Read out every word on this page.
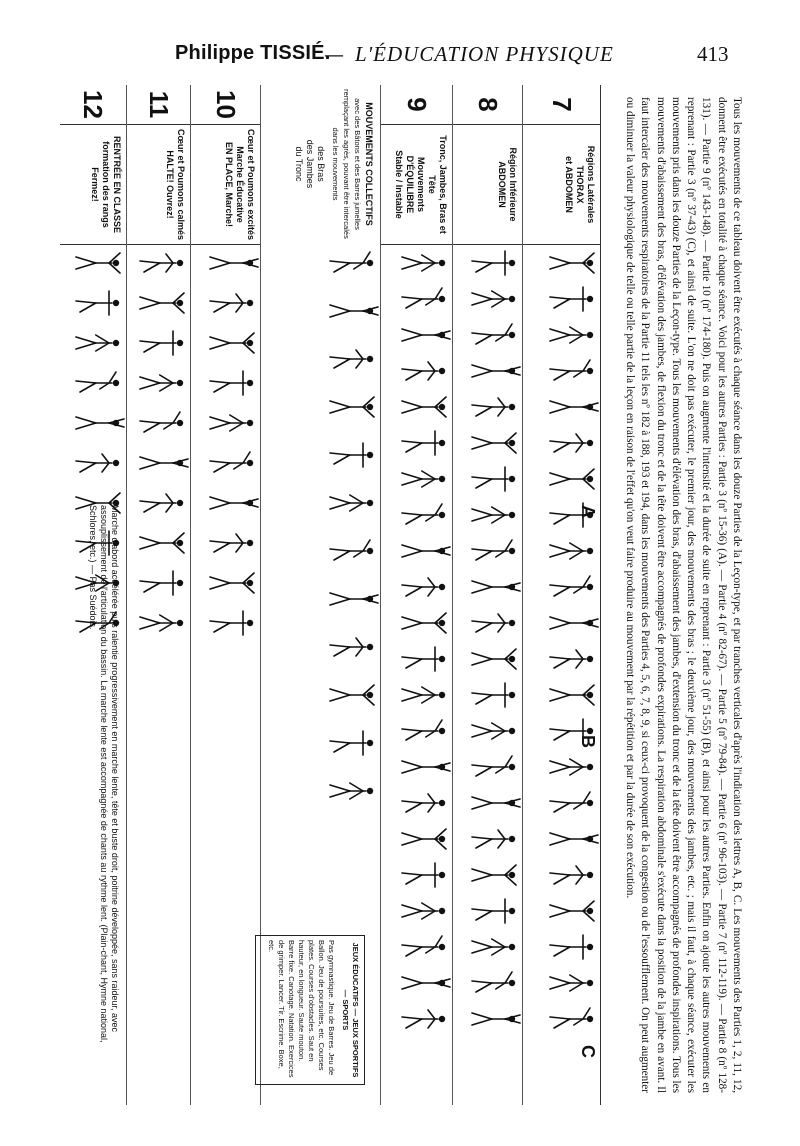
Philippe TISSIÉ.
— L'ÉDUCATION PHYSIQUE	413

Tous les mouvements de ce tableau doivent être exécutés à chaque séance dans les douze Parties de la Leçon-type, et par tranches verticales d'après l'indication des lettres A, B, C. Les mouvements des Parties 1, 2, 11, 12, donnent être exécutés en totalité à chaque séance. Voici pour les autres Parties : Partie 3 (nº 15-36) (A). — Partie 4 (nº 82-67). — Partie 5 (nº 79-84). — Partie 6 (nº 96-103). — Partie 7 (nº 112-119). — Partie 8 (nº 128-131). — Partie 9 (nº 143-148). — Partie 10 (nº 174-180). Puis on augmente l'intensité et la durée de suite en reprenant : Partie 3 (nº 51-55) (B), et ainsi pour les autres Parties. Enfin on ajoute les autres mouvements en reprenant : Partie 3 (nº 37-43) (C), et ainsi de suite. L'on ne doit pas exécuter, le premier jour, des mouvements des bras ; le deuxième jour, des mouvements des jambes, etc. ; mais il faut, à chaque séance, exécuter les mouvements pris dans les douze Parties de la Leçon-type. Tous les mouvements d'élévation des bras, d'abaissement des jambes, d'extension du tronc et de la tête doivent être accompagnés de profondes inspirations. Tous les mouvements d'abaissement des bras, d'élévation des jambes, de flexion du tronc et de la tête doivent être accompagnés de profondes expirations. La respiration abdominale s'exécute dans la position de la jambe en avant. Il faut intercaler des mouvements respiratoires de la Partie 11 tels les nº 182 à 188, 193 et 194, dans les mouvements des Parties 4, 5, 6, 7, 8, 9, si ceux-ci provoquent de la congestion ou de l'essoufflement. On peut augmenter ou diminuer la valeur physiologique de telle ou telle partie de la leçon en raison de l'effet qu'on veut faire produire au mouvement par la répétition et par la durée de son exécution.

7
Régions Latérales
THORAX
et ABDOMEN
8
Région Inférieure
ABDOMEN
9
Tronc, Jambes, Bras et Tête
Mouvements D'ÉQUILIBRE
Stable / Instable
MOUVEMENTS COLLECTIFS
avec des Bâtons et des Barres jumelles remplaçant les agrès, pouvant être intercalés dans les mouvements
des Bras
des Jambes
du Tronc
10
Cœur et Poumons excités
Marche Éducative
EN PLACE, Marche!
11
Cœur et Poumons calmés
HALTE! Ouvrez!
12
RENTRÉE EN CLASSE
formation des rangs
Fermez!
A
B
C
JEUX ÉDUCATIFS — JEUX SPORTIFS — SPORTS
Pas gymnastique. Jeu de Barres. Jeu de Ballon. Jeu de poursuites, etc. Courses plates. Courses d'obstacles. Saut en hauteur, en longueur. Saute mouton. Barre fixe. Canotage. Natation. Exercices de grimper. Lancer. Tir. Escrime. Boxe, etc.
Marche d'abord accélérée puis ralentie progressivement en marche lente, tête et buste droit, poitrine développée, sans raideur, avec assouplissement de l'articulation du bassin. La marche lente est accompagnée de chants au rythme lent. (Plain-chant, Hymne national, Schlores, etc.) — Pas Suédois.
